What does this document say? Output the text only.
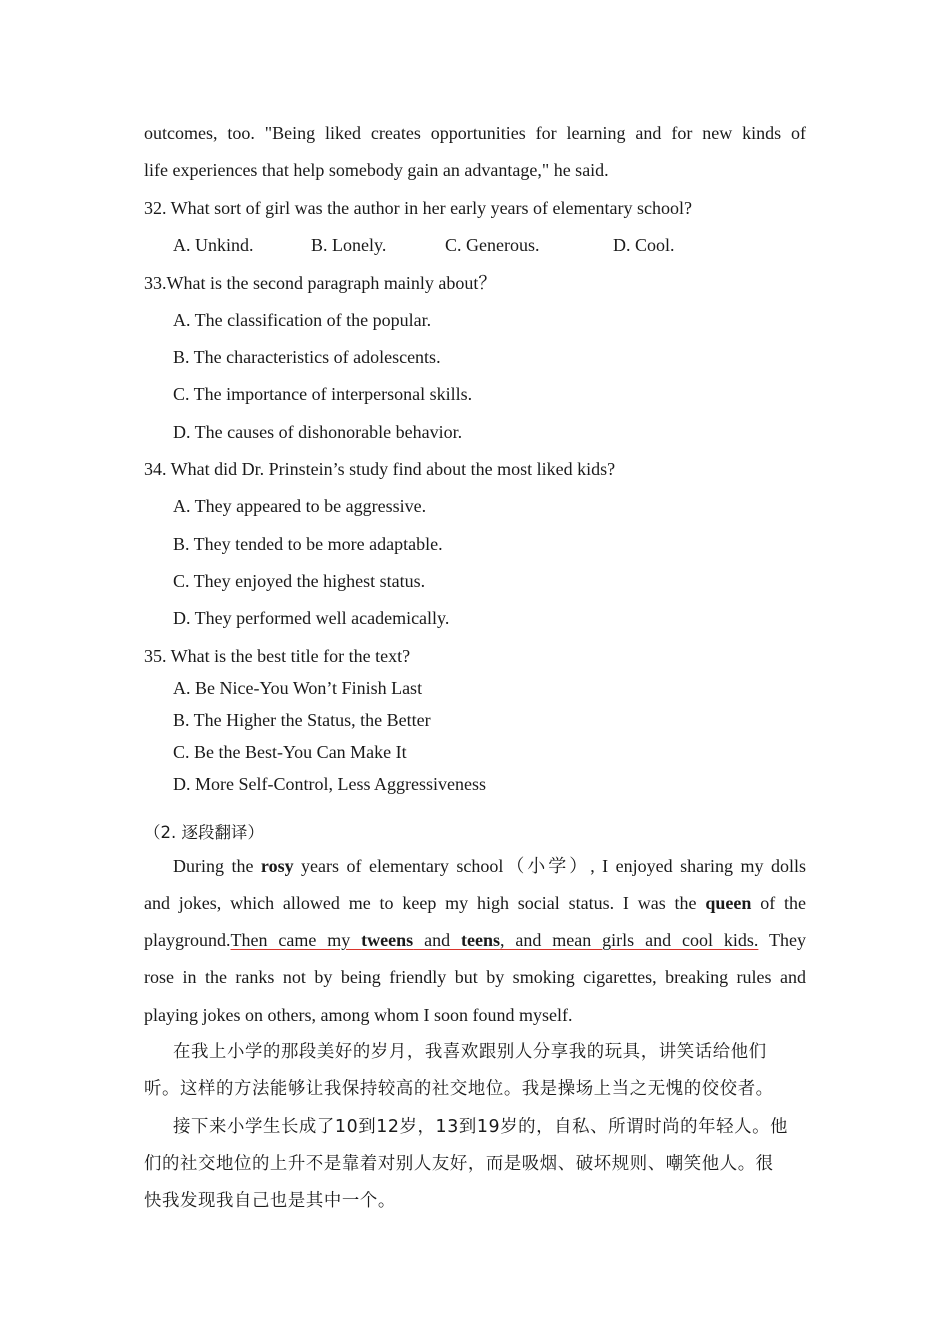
outcomes, too. "Being liked creates opportunities for learning and for new kinds of
life experiences that help somebody gain an advantage," he said.
32. What sort of girl was the author in her early years of elementary school?
A. Unkind.	B. Lonely.	C. Generous.	D. Cool.
33.What is the second paragraph mainly about？
A. The classification of the popular.
B. The characteristics of adolescents.
C. The importance of interpersonal skills.
D. The causes of dishonorable behavior.
34. What did Dr. Prinstein’s study find about the most liked kids?
A. They appeared to be aggressive.
B. They tended to be more adaptable.
C. They enjoyed the highest status.
D. They performed well academically.
35. What is the best title for the text?
A. Be Nice-You Won’t Finish Last
B. The Higher the Status, the Better
C. Be the Best-You Can Make It
D. More Self-Control, Less Aggressiveness
（2. 逐段翻译）
During the rosy years of elementary school（小学）, I enjoyed sharing my dolls
and jokes, which allowed me to keep my high social status. I was the queen of the
playground.Then came my tweens and teens, and mean girls and cool kids. They
rose in the ranks not by being friendly but by smoking cigarettes, breaking rules and
playing jokes on others, among whom I soon found myself.
在我上小学的那段美好的岁月，我喜欢跟别人分享我的玩具，讲笑话给他们
听。这样的方法能够让我保持较高的社交地位。我是操场上当之无愧的佼佼者。
接下来小学生长成了10到12岁，13到19岁的，自私、所谓时尚的年轻人。他
们的社交地位的上升不是靠着对别人友好，而是吸烟、破坏规则、嘲笑他人。很
快我发现我自己也是其中一个。
